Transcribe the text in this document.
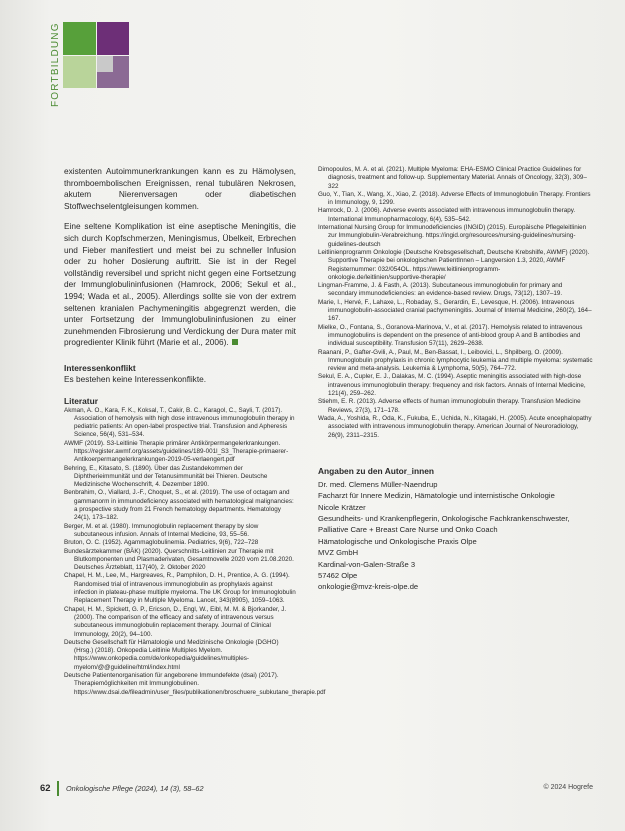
FORTBILDUNG

existenten Autoimmunerkrankungen kann es zu Hämolysen, thromboembolischen Ereignissen, renal tubulären Nekrosen, akutem Nierenversagen oder diabetischen Stoffwechselentgleisungen kommen.

Eine seltene Komplikation ist eine aseptische Meningitis, die sich durch Kopfschmerzen, Meningismus, Übelkeit, Erbrechen und Fieber manifestiert und meist bei zu schneller Infusion oder zu hoher Dosierung auftritt. Sie ist in der Regel vollständig reversibel und spricht nicht gegen eine Fortsetzung der Immunglobulininfusionen (Hamrock, 2006; Sekul et al., 1994; Wada et al., 2005). Allerdings sollte sie von der extrem seltenen kranialen Pachymeningitis abgegrenzt werden, die unter Fortsetzung der Immunglobulininfusionen zu einer zunehmenden Fibrosierung und Verdickung der Dura mater mit progredienter Klinik führt (Marie et al., 2006).

Interessenkonflikt

Es bestehen keine Interessenkonflikte.

Literatur
Akman, A. O., Kara, F. K., Koksal, T., Cakir, B. C., Karagol, C., Sayli, T. (2017). Association of hemolysis with high dose intravenous immunoglobulin therapy in pediatric patients: An open-label prospective trial. Transfusion and Apheresis Science, 56(4), 531–534.
AWMF (2019). S3-Leitlinie Therapie primärer Antikörpermangelerkrankungen. https://register.awmf.org/assets/guidelines/189-001l_S3_Therapie-primaerer-Antikoerpermangelerkrankungen-2019-05-verlaengert.pdf
Behring, E., Kitasato, S. (1890). Über das Zustandekommen der Diphtherieimmunität und der Tetanusimmunität bei Thieren. Deutsche Medizinische Wochenschrift, 4. Dezember 1890.
Benbrahim, O., Viallard, J.-F., Choquet, S., et al. (2019). The use of octagam and gammanorm in immunodeficiency associated with hematological malignancies: a prospective study from 21 French hematology departments. Hematology 24(1), 173–182.
Berger, M. et al. (1980). Immunoglobulin replacement therapy by slow subcutaneous infusion. Annals of Internal Medicine, 93, 55–56.
Bruton, O. C. (1952). Agammaglobulinemia. Pediatrics, 9(6), 722–728
Bundesärztekammer (BÄK) (2020). Querschnitts-Leitlinien zur Therapie mit Blutkomponenten und Plasmaderivaten, Gesamtnovelle 2020 vom 21.08.2020. Deutsches Ärzteblatt, 117(40), 2. Oktober 2020
Chapel, H. M., Lee, M., Hargreaves, R., Pamphilon, D. H., Prentice, A. G. (1994). Randomised trial of intravenous immunoglobulin as prophylaxis against infection in plateau-phase multiple myeloma. The UK Group for Immunoglobulin Replacement Therapy in Multiple Myeloma. Lancet, 343(8905), 1059–1063.
Chapel, H. M., Spickett, G. P., Ericson, D., Engl, W., Eibl, M. M. & Bjorkander, J. (2000). The comparison of the efficacy and safety of intravenous versus subcutaneous immunoglobulin replacement therapy. Journal of Clinical Immunology, 20(2), 94–100.
Deutsche Gesellschaft für Hämatologie und Medizinische Onkologie (DGHO) (Hrsg.) (2018). Onkopedia Leitlinie Multiples Myelom. https://www.onkopedia.com/de/onkopedia/guidelines/multiples-myelom/@@guideline/html/index.html
Deutsche Patientenorganisation für angeborene Immundefekte (dsai) (2017). Therapiemöglichkeiten mit Immunglobulinen. https://www.dsai.de/fileadmin/user_files/publikationen/broschuere_subkutane_therapie.pdf
Dimopoulos, M. A. et al. (2021). Multiple Myeloma: EHA-ESMO Clinical Practice Guidelines for diagnosis, treatment and follow-up. Supplementary Material. Annals of Oncology, 32(3), 309–322
Guo, Y., Tian, X., Wang, X., Xiao, Z. (2018). Adverse Effects of Immunoglobulin Therapy. Frontiers in Immunology, 9, 1299.
Hamrock, D. J. (2006). Adverse events associated with intravenous immunoglobulin therapy. International Immunopharmacology, 6(4), 535–542.
International Nursing Group for Immunodeficiencies (INGID) (2015). Europäische Pflegeleitlinien zur Immunglobulin-Verabreichung. https://ingid.org/resources/nursing-guidelines/nursing-guidelines-deutsch
Leitlinienprogramm Onkologie (Deutsche Krebsgesellschaft, Deutsche Krebshilfe, AWMF) (2020). Supportive Therapie bei onkologischen PatientInnen – Langversion 1.3, 2020, AWMF Registernummer: 032/054OL. https://www.leitlinienprogramm-onkologie.de/leitlinien/supportive-therapie/
Lingman-Framme, J. & Fasth, A. (2013). Subcutaneous immunoglobulin for primary and secondary immunodeficiencies: an evidence-based review. Drugs, 73(12), 1307–19.
Marie, I., Hervé, F., Lahaxe, L., Robaday, S., Gerardin, E., Levesque, H. (2006). Intravenous immunoglobulin-associated cranial pachymeningitis. Journal of Internal Medicine, 260(2), 164–167.
Mielke, O., Fontana, S., Goranova-Marinova, V., et al. (2017). Hemolysis related to intravenous immunoglobulins is dependent on the presence of anti-blood group A and B antibodies and individual susceptibility. Transfusion 57(11), 2629–2638.
Raanani, P., Gafter-Gvili, A., Paul, M., Ben-Bassat, I., Leibovici, L., Shpilberg, O. (2009). Immunoglobulin prophylaxis in chronic lymphocytic leukemia and multiple myeloma: systematic review and meta-analysis. Leukemia & Lymphoma, 50(5), 764–772.
Sekul, E. A., Cupler, E. J., Dalakas, M. C. (1994). Aseptic meningitis associated with high-dose intravenous immunoglobulin therapy: frequency and risk factors. Annals of Internal Medicine, 121(4), 259–262.
Stiehm, E. R. (2013). Adverse effects of human immunoglobulin therapy. Transfusion Medicine Reviews, 27(3), 171–178.
Wada, A., Yoshida, R., Oda, K., Fukuba, E., Uchida, N., Kitagaki, H. (2005). Acute encephalopathy associated with intravenous immunoglobulin therapy. American Journal of Neuroradiology, 26(9), 2311–2315.
Angaben zu den Autor_innen

Dr. med. Clemens Müller-Naendrup

Facharzt für Innere Medizin, Hämatologie und internistische Onkologie

Nicole Krätzer

Gesundheits- und Krankenpflegerin, Onkologische Fachkrankenschwester, Palliative Care + Breast Care Nurse und Onko Coach

Hämatologische und Onkologische Praxis Olpe

MVZ GmbH

Kardinal-von-Galen-Straße 3

57462 Olpe

onkologie@mvz-kreis-olpe.de

62 Onkologische Pflege (2024), 14 (3), 58–62	© 2024 Hogrefe
